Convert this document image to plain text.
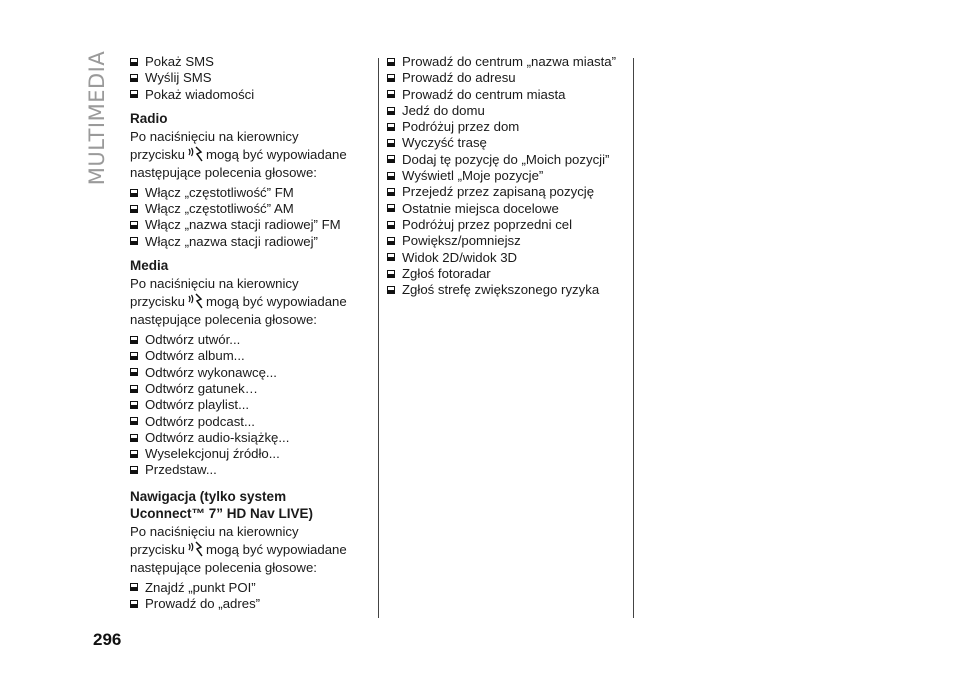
MULTIMEDIA	Pokaż SMS
Wyślij SMS
Pokaż wiadomości
Radio
Po naciśnięciu na kierownicy
przycisku mogą być wypowiadane
następujące polecenia głosowe:
Włącz „częstotliwość” FM
Włącz „częstotliwość” AM
Włącz „nazwa stacji radiowej” FM
Włącz „nazwa stacji radiowej”
Media
Po naciśnięciu na kierownicy
przycisku mogą być wypowiadane
następujące polecenia głosowe:
Odtwórz utwór...
Odtwórz album...
Odtwórz wykonawcę...
Odtwórz gatunek…
Odtwórz playlist...
Odtwórz podcast...
Odtwórz audio-książkę...
Wyselekcjonuj źródło...
Przedstaw...
Nawigacja (tylko system
Uconnect™ 7” HD Nav LIVE)
Po naciśnięciu na kierownicy
przycisku mogą być wypowiadane
następujące polecenia głosowe:
Znajdź „punkt POI”
Prowadź do „adres”
Prowadź do centrum „nazwa miasta”
Prowadź do adresu
Prowadź do centrum miasta
Jedź do domu
Podróżuj przez dom
Wyczyść trasę
Dodaj tę pozycję do „Moich pozycji”
Wyświetl „Moje pozycje”
Przejedź przez zapisaną pozycję
Ostatnie miejsca docelowe
Podróżuj przez poprzedni cel
Powiększ/pomniejsz
Widok 2D/widok 3D
Zgłoś fotoradar
Zgłoś strefę zwiększonego ryzyka
296
